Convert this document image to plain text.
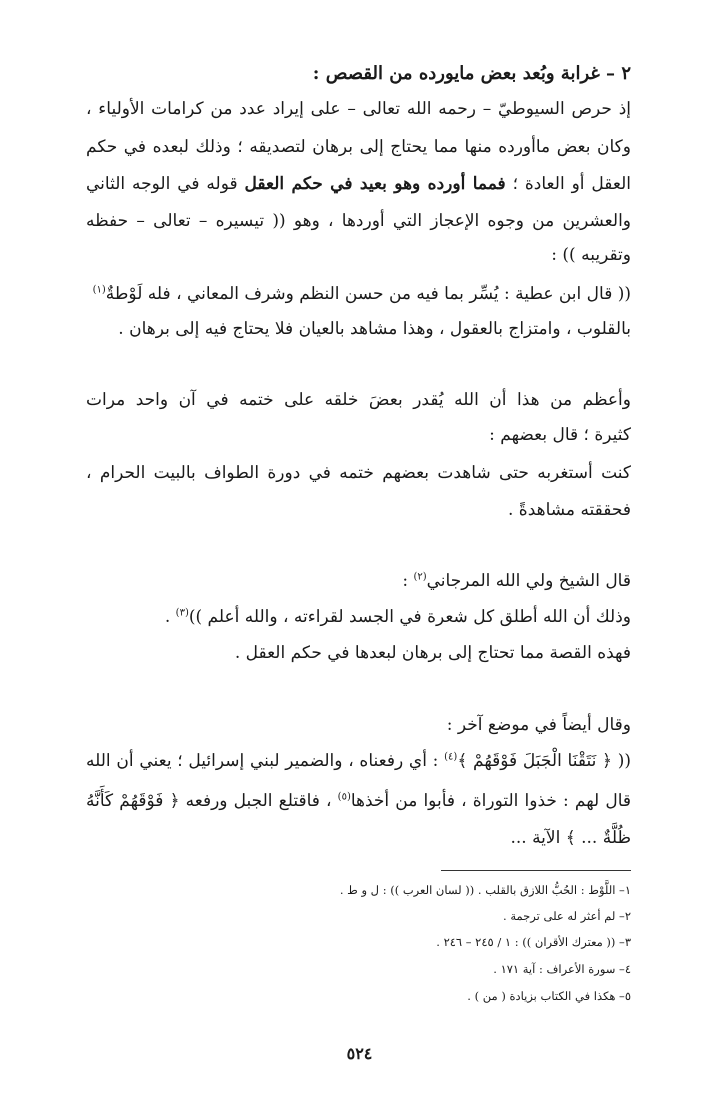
٢ – غرابة وبُعد بعض مايورده من القصص :
إذ حرص السيوطيّ – رحمه الله تعالى – على إيراد عدد من كرامات الأولياء ،
وكان بعض ماأورده منها مما يحتاج إلى برهان لتصديقه ؛ وذلك لبعده في حكم
العقل أو العادة ؛ فمما أورده وهو بعيد في حكم العقل قوله في الوجه الثاني
والعشرين من وجوه الإعجاز التي أوردها ، وهو (( تيسيره – تعالى – حفظه
وتقريبه )) :
(( قال ابن عطية : يُسِّر بما فيه من حسن النظم وشرف المعاني ، فله لَوْطةٌ$^{(١)}$
بالقلوب ، وامتزاج بالعقول ، وهذا مشاهد بالعيان فلا يحتاج فيه إلى برهان .
وأعظم من هذا أن الله يُقدر بعضَ خلقه على ختمه في آن واحد مرات
كثيرة ؛ قال بعضهم :
كنت أستغربه حتى شاهدت بعضهم ختمه في دورة الطواف بالبيت الحرام ،
فحققته مشاهدةً .
قال الشيخ ولي الله المرجاني$^{(٢)}$ :
وذلك أن الله أطلق كل شعرة في الجسد لقراءته ، والله أعلم ))$^{(٣)}$ .
فهذه القصة مما تحتاج إلى برهان لبعدها في حكم العقل .
وقال أيضاً في موضع آخر :
(( ﴿ نَتَقْنَا الْجَبَلَ فَوْقَهُمْ ﴾$^{(٤)}$ : أي رفعناه ، والضمير لبني إسرائيل ؛ يعني أن الله
قال لهم : خذوا التوراة ، فأبوا من أخذها$^{(٥)}$ ، فاقتلع الجبل ورفعه ﴿ فَوْقَهُمْ كَأَنَّهُ
ظُلَّةٌ ... ﴾ الآية ...
١– اللَّوْط : الحُبُّ اللازق بالقلب . (( لسان العرب )) : ل و ط .
٢– لم أعثر له على ترجمة .
٣– (( معترك الأقران )) : ١ / ٢٤٥ – ٢٤٦ .
٤– سورة الأعراف : آية ١٧١ .
٥– هكذا في الكتاب بزيادة ( من ) .
٥٢٤
